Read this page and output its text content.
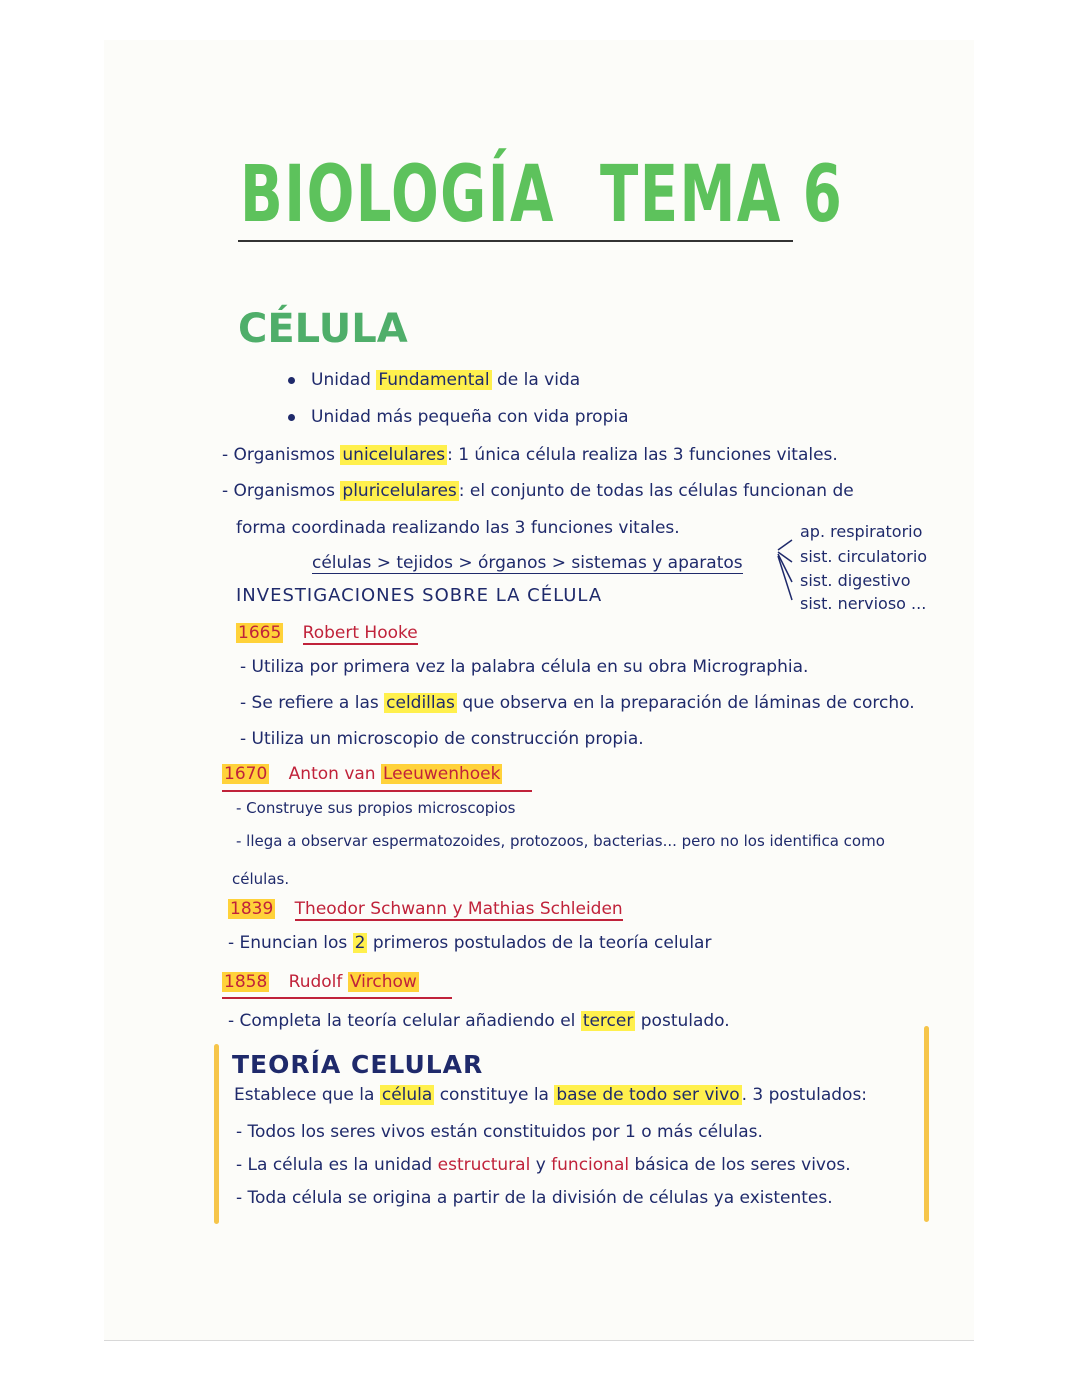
BIOLOGÍA TEMA 6
CÉLULA
Unidad Fundamental de la vida
Unidad más pequeña con vida propia
- Organismos unicelulares : 1 única célula realiza las 3 funciones vitales.
- Organismos pluricelulares : el conjunto de todas las células funcionan de
forma coordinada realizando las 3 funciones vitales.
células > tejidos > órganos > sistemas y aparatos
ap. respiratorio
sist. circulatorio
sist. digestivo
sist. nervioso ...
INVESTIGACIONES SOBRE LA CÉLULA
1665 Robert Hooke
- Utiliza por primera vez la palabra célula en su obra Micrographia.
- Se refiere a las celdillas que observa en la preparación de láminas de corcho.
- Utiliza un microscopio de construcción propia.
1670 Anton van Leeuwenhoek
- Construye sus propios microscopios
- llega a observar espermatozoides, protozoos, bacterias... pero no los identifica como
células.
1839 Theodor Schwann y Mathias Schleiden
- Enuncian los 2 primeros postulados de la teoría celular
1858 Rudolf Virchow
- Completa la teoría celular añadiendo el tercer postulado.
TEORÍA CELULAR
Establece que la célula constituye la base de todo ser vivo . 3 postulados:
- Todos los seres vivos están constituidos por 1 o más células.
- La célula es la unidad estructural y funcional básica de los seres vivos.
- Toda célula se origina a partir de la división de células ya existentes.
